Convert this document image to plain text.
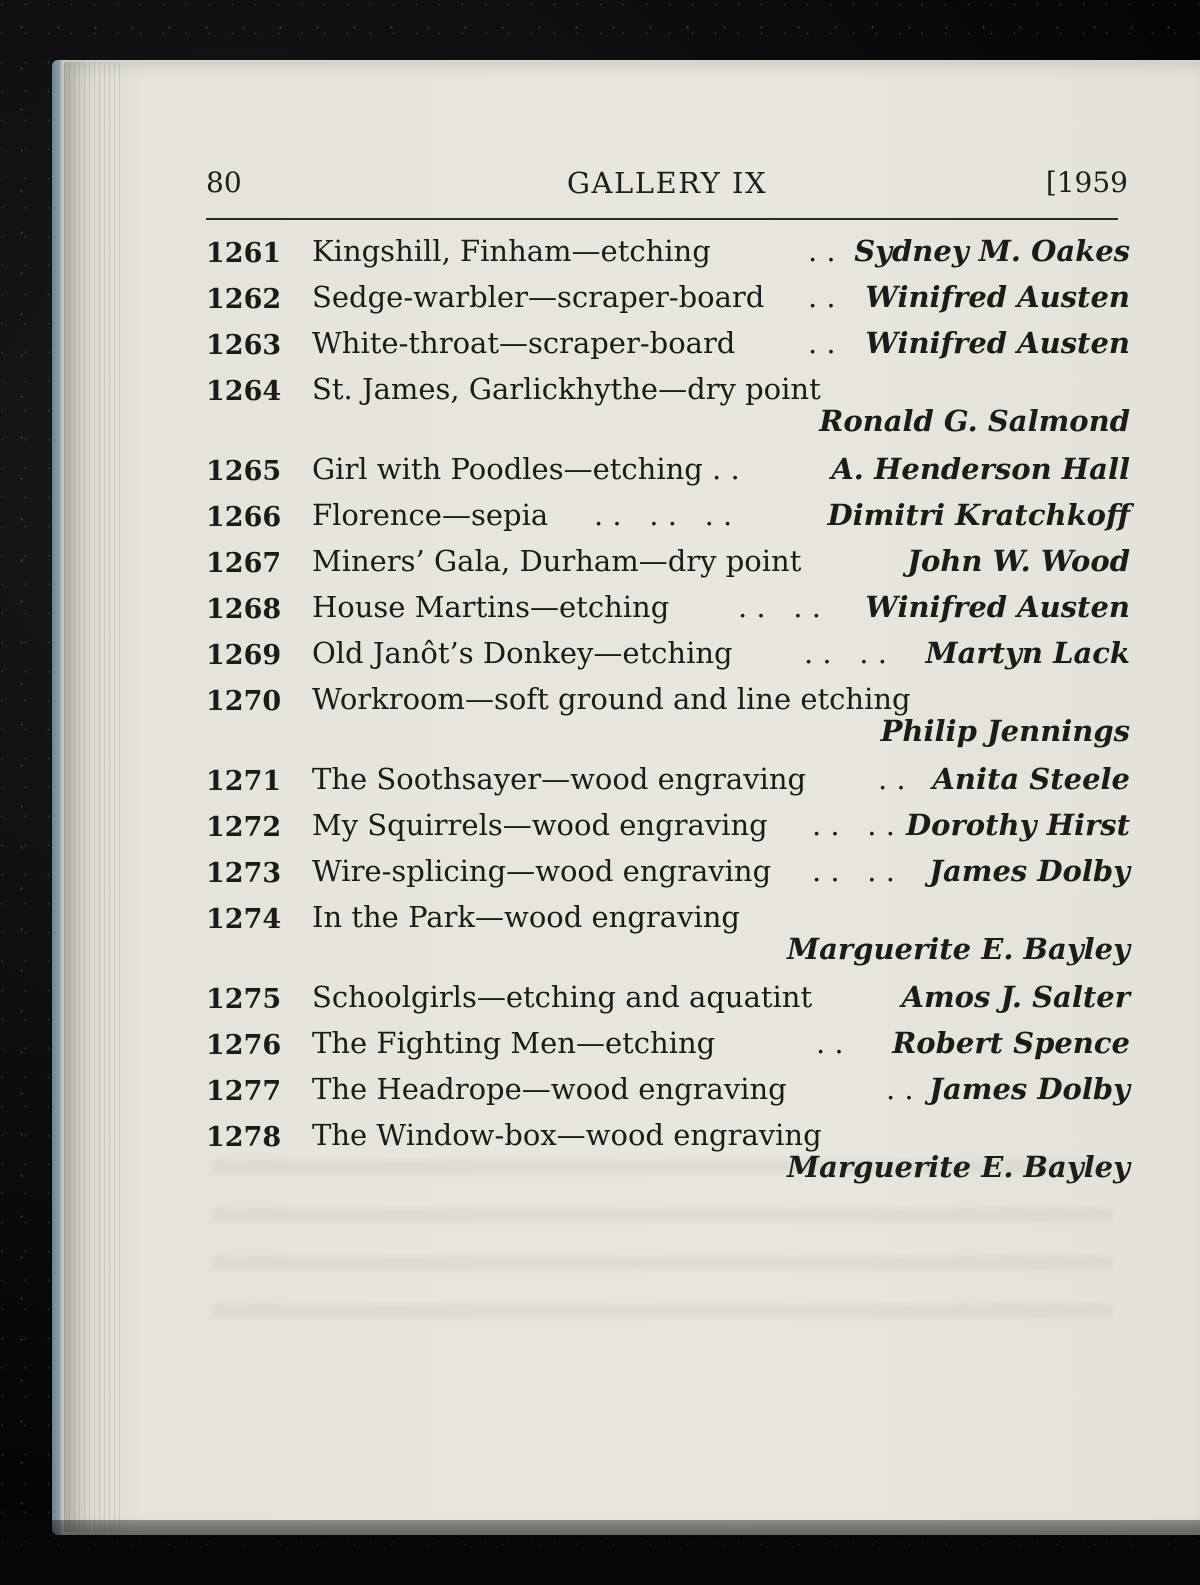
80	GALLERY IX	[1959
1261 Kingshill, Finham—etching	. . Sydney M. Oakes
1262 Sedge-warbler—scraper-board . . Winifred Austen
1263 White-throat—scraper-board	. . Winifred Austen
1264 St. James, Garlickhythe—dry point
Ronald G. Salmond
1265 Girl with Poodles—etching . .	A. Henderson Hall
1266 Florence—sepia . .   . .   . .	Dimitri Kratchkoff
1267 Miners’ Gala, Durham—dry point	John W. Wood
1268 House Martins—etching . .   . . Winifred Austen
1269 Old Janôt’s Donkey—etching . .   . . Martyn Lack
1270 Workroom—soft ground and line etching
Philip Jennings
1271 The Soothsayer—wood engraving . . Anita Steele
1272 My Squirrels—wood engraving . .   . . Dorothy Hirst
1273 Wire-splicing—wood engraving . .   . . James Dolby
1274 In the Park—wood engraving
Marguerite E. Bayley
1275 Schoolgirls—etching and aquatint	Amos J. Salter
1276 The Fighting Men—etching	. . Robert Spence
1277 The Headrope—wood engraving	. . James Dolby
1278 The Window-box—wood engraving
Marguerite E. Bayley
